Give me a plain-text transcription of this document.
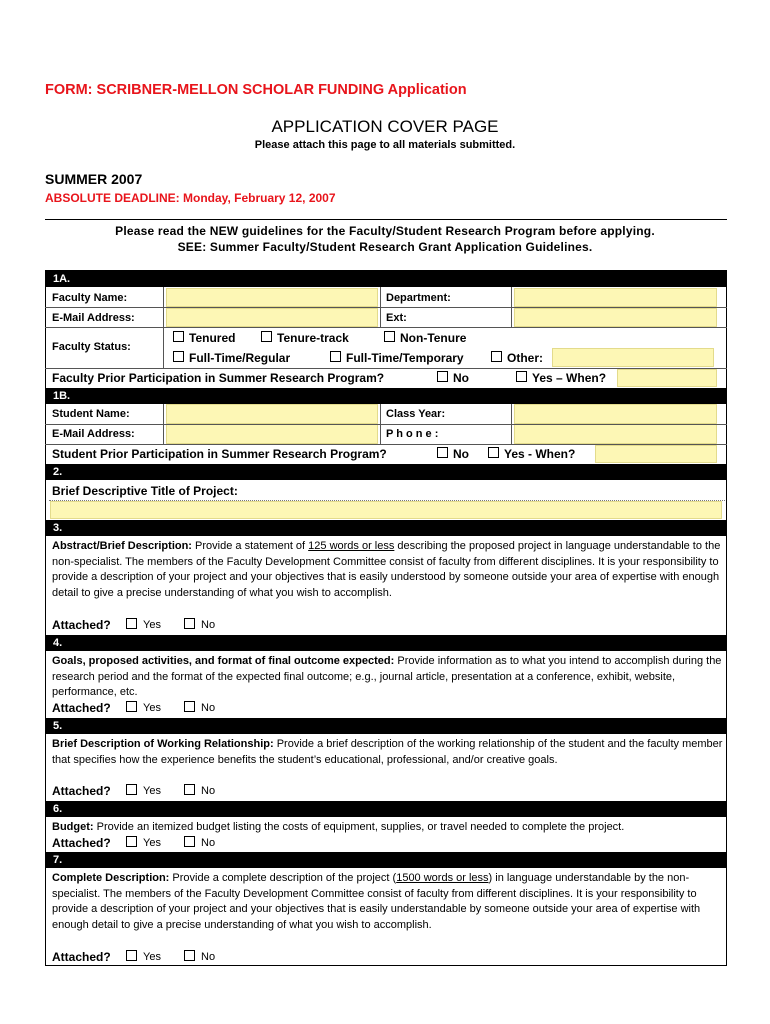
FORM: SCRIBNER-MELLON SCHOLAR FUNDING Application
APPLICATION COVER PAGE
Please attach this page to all materials submitted.
SUMMER 2007
ABSOLUTE DEADLINE: Monday, February 12, 2007
Please read the NEW guidelines for the Faculty/Student Research Program before applying.
SEE: Summer Faculty/Student Research Grant Application Guidelines.
1A.
Faculty Name:	Department:
E-Mail Address:	Ext:
Faculty Status:
Tenured	Tenure-track	Non-Tenure
Full-Time/Regular	Full-Time/Temporary	Other:
Faculty Prior Participation in Summer Research Program?	No	Yes – When?
1B.
Student Name:	Class Year:
E-Mail Address:	P h o n e :
Student Prior Participation in Summer Research Program?	No	Yes - When?
2.
Brief Descriptive Title of Project:
3.
Abstract/Brief Description: Provide a statement of 125 words or less describing the proposed project in language understandable to the non-specialist. The members of the Faculty Development Committee consist of faculty from different disciplines. It is your responsibility to provide a description of your project and your objectives that is easily understood by someone outside your area of expertise with enough detail to give a precise understanding of what you wish to accomplish.
Attached?	Yes	No
4.
Goals, proposed activities, and format of final outcome expected: Provide information as to what you intend to accomplish during the research period and the format of the expected final outcome; e.g., journal article, presentation at a conference, exhibit, website, performance, etc.
Attached?	Yes	No
5.
Brief Description of Working Relationship: Provide a brief description of the working relationship of the student and the faculty member that specifies how the experience benefits the student’s educational, professional, and/or creative goals.
Attached?	Yes	No
6.
Budget: Provide an itemized budget listing the costs of equipment, supplies, or travel needed to complete the project.
Attached?	Yes	No
7.
Complete Description: Provide a complete description of the project (1500 words or less) in language understandable by the non-specialist. The members of the Faculty Development Committee consist of faculty from different disciplines. It is your responsibility to provide a description of your project and your objectives that is easily understandable by someone outside your area of expertise with enough detail to give a precise understanding of what you wish to accomplish.
Attached?	Yes	No
